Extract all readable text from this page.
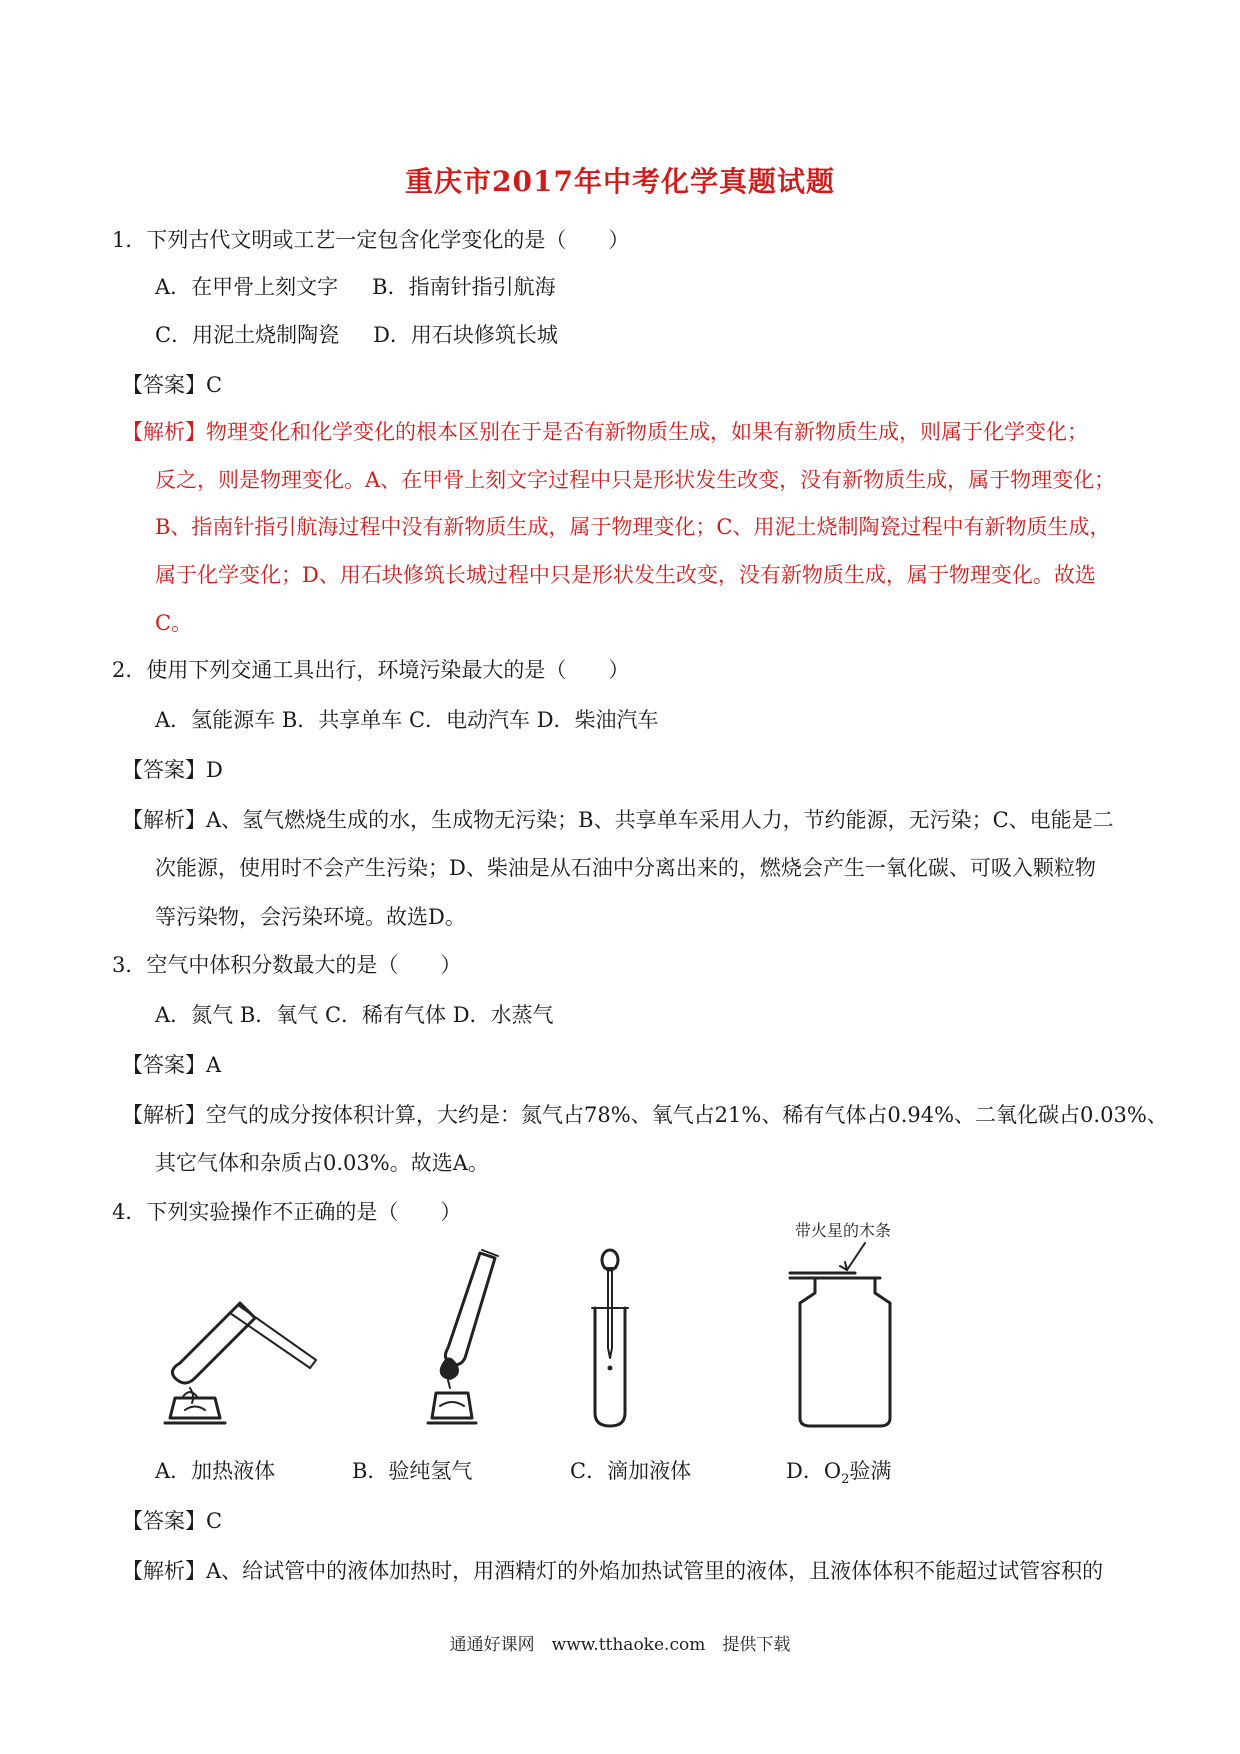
重庆市2017年中考化学真题试题
1．下列古代文明或工艺一定包含化学变化的是（　　）
A．在甲骨上刻文字 B．指南针指引航海
C．用泥土烧制陶瓷 D．用石块修筑长城
【答案】C
【解析】物理变化和化学变化的根本区别在于是否有新物质生成，如果有新物质生成，则属于化学变化；
反之，则是物理变化。A、在甲骨上刻文字过程中只是形状发生改变，没有新物质生成，属于物理变化；
B、指南针指引航海过程中没有新物质生成，属于物理变化；C、用泥土烧制陶瓷过程中有新物质生成，
属于化学变化；D、用石块修筑长城过程中只是形状发生改变，没有新物质生成，属于物理变化。故选
C。
2．使用下列交通工具出行，环境污染最大的是（　　）
A．氢能源车 B．共享单车 C．电动汽车 D．柴油汽车
【答案】D
【解析】A、氢气燃烧生成的水，生成物无污染；B、共享单车采用人力，节约能源，无污染；C、电能是二
次能源，使用时不会产生污染；D、柴油是从石油中分离出来的，燃烧会产生一氧化碳、可吸入颗粒物
等污染物，会污染环境。故选D。
3．空气中体积分数最大的是（　　）
A．氮气 B．氧气 C．稀有气体 D．水蒸气
【答案】A
【解析】空气的成分按体积计算，大约是：氮气占78%、氧气占21%、稀有气体占0.94%、二氧化碳占0.03%、
其它气体和杂质占0.03%。故选A。
4．下列实验操作不正确的是（　　）
带火星的木条
A．加热液体	B．验纯氢气	C．滴加液体	D．$O_2$验满
【答案】C
【解析】A、给试管中的液体加热时，用酒精灯的外焰加热试管里的液体，且液体体积不能超过试管容积的
通通好课网　www.tthaoke.com　提供下载
